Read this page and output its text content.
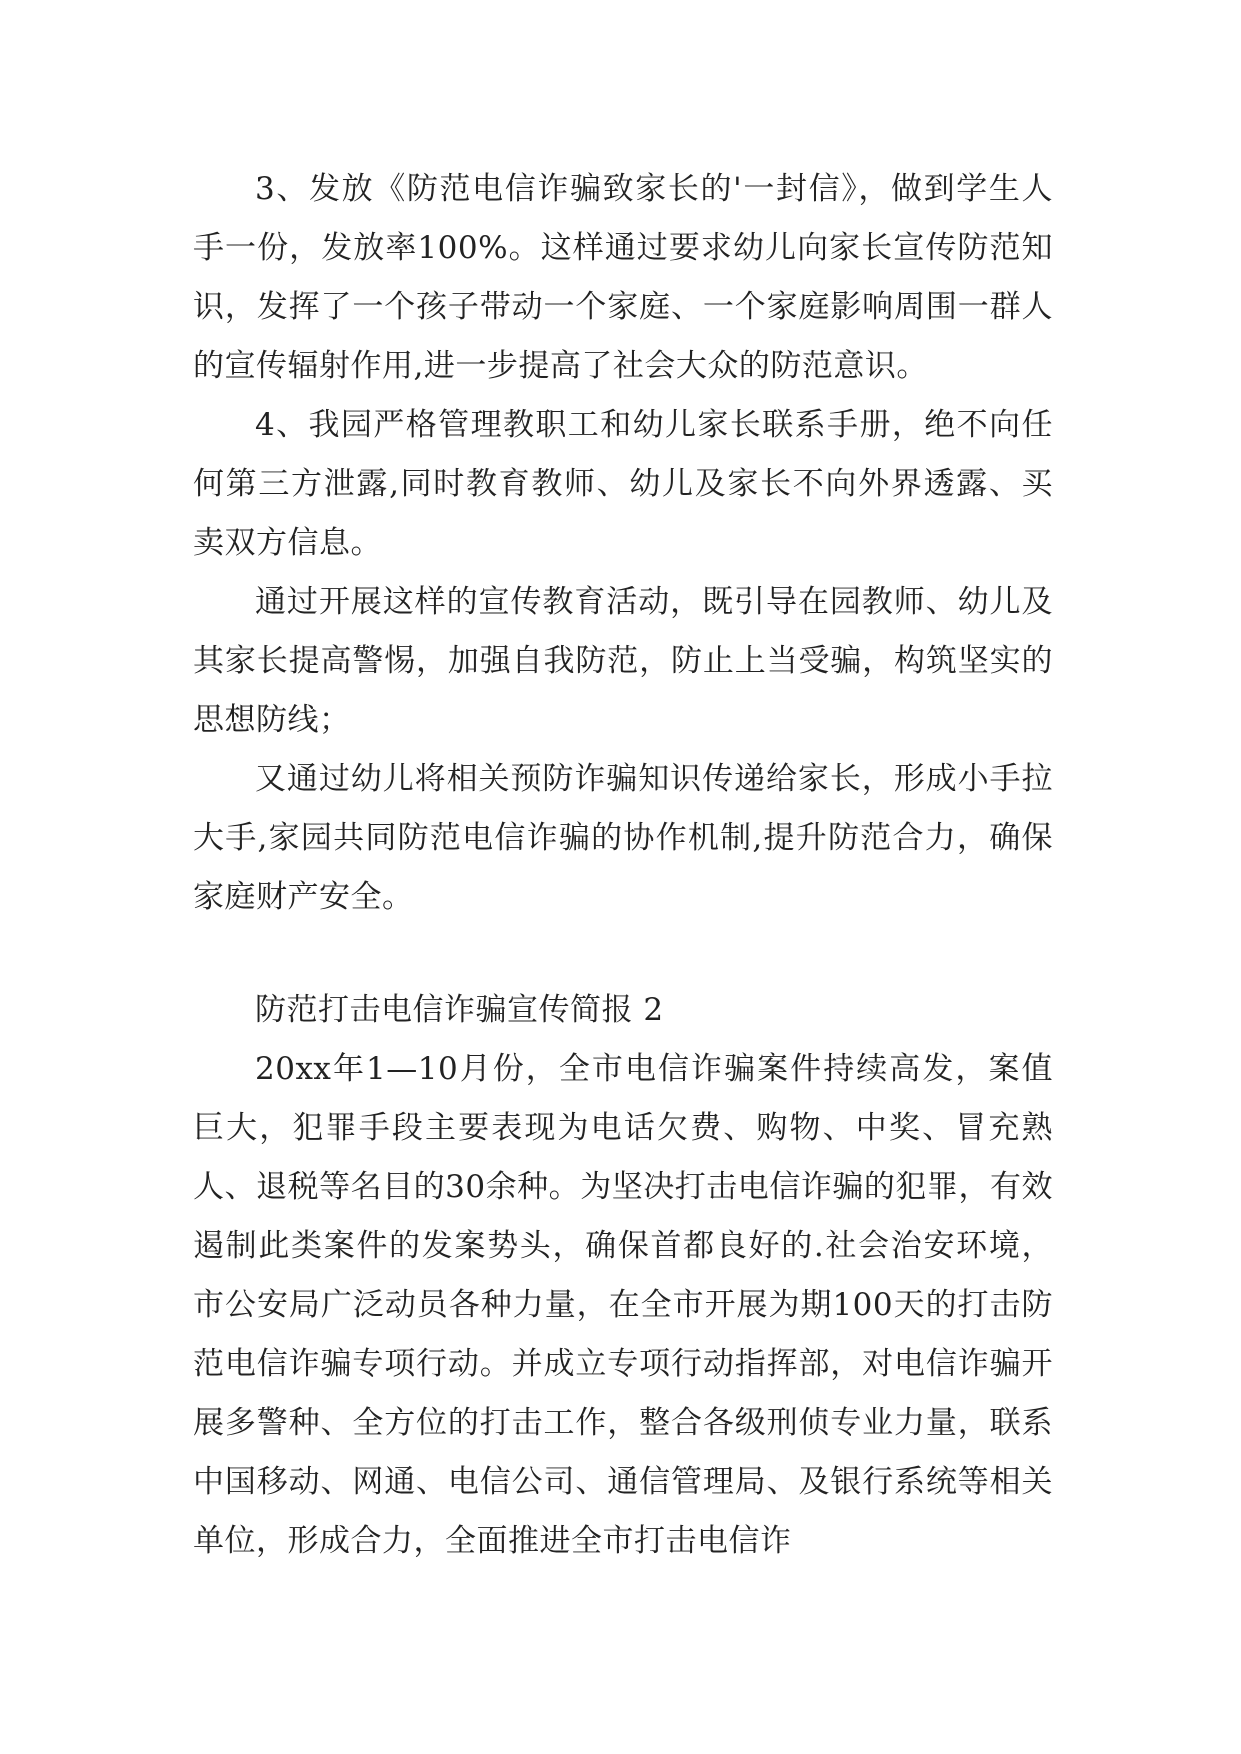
3、发放《防范电信诈骗致家长的'一封信》，做到学生人手一份，发放率100%。这样通过要求幼儿向家长宣传防范知识，发挥了一个孩子带动一个家庭、一个家庭影响周围一群人的宣传辐射作用,进一步提高了社会大众的防范意识。

4、我园严格管理教职工和幼儿家长联系手册，绝不向任何第三方泄露,同时教育教师、幼儿及家长不向外界透露、买卖双方信息。

通过开展这样的宣传教育活动，既引导在园教师、幼儿及其家长提高警惕，加强自我防范，防止上当受骗，构筑坚实的思想防线；

又通过幼儿将相关预防诈骗知识传递给家长，形成小手拉大手,家园共同防范电信诈骗的协作机制,提升防范合力，确保家庭财产安全。

防范打击电信诈骗宣传简报 2

20xx年1—10月份，全市电信诈骗案件持续高发，案值巨大，犯罪手段主要表现为电话欠费、购物、中奖、冒充熟人、退税等名目的30余种。为坚决打击电信诈骗的犯罪，有效遏制此类案件的发案势头，确保首都良好的.社会治安环境，市公安局广泛动员各种力量，在全市开展为期100天的打击防范电信诈骗专项行动。并成立专项行动指挥部，对电信诈骗开展多警种、全方位的打击工作，整合各级刑侦专业力量，联系中国移动、网通、电信公司、通信管理局、及银行系统等相关单位，形成合力，全面推进全市打击电信诈
